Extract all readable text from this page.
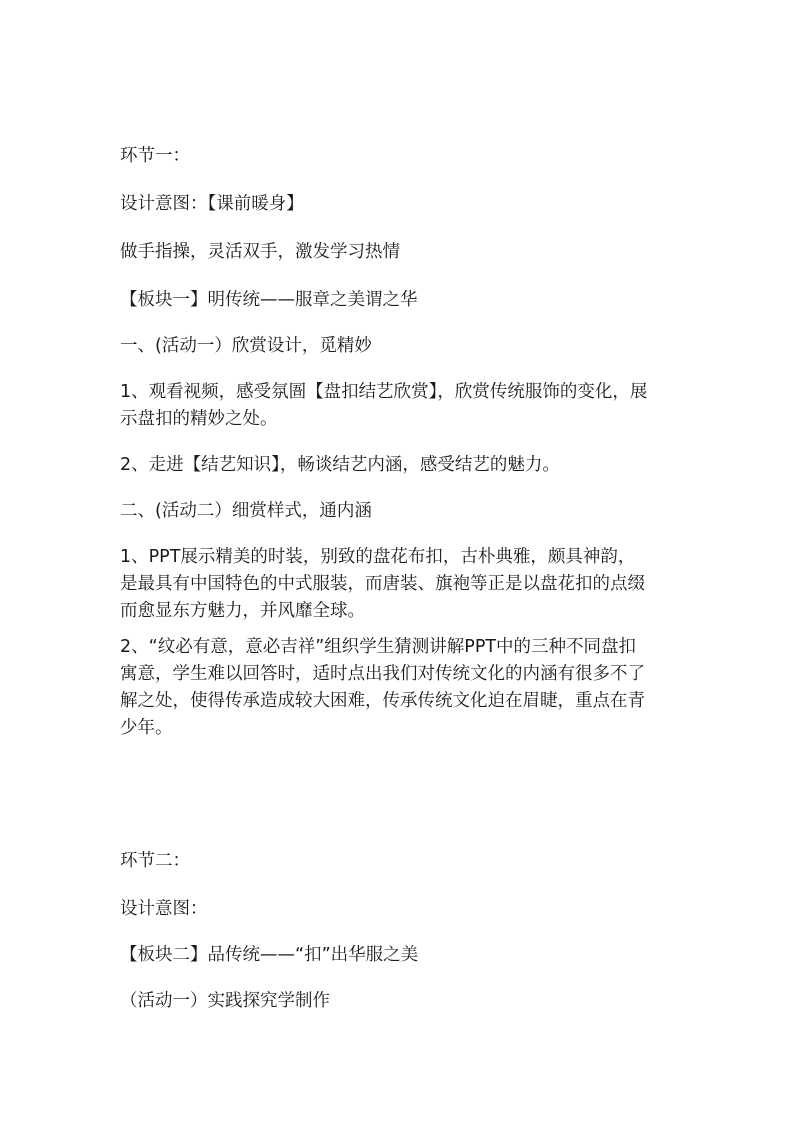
环节一：

设计意图：【课前暖身】

做手指操，灵活双手，激发学习热情

【板块一】明传统——服章之美谓之华

一、(活动一）欣赏设计，觅精妙

1、观看视频，感受氛圄【盘扣结艺欣赏】，欣赏传统服饰的变化，展
示盘扣的精妙之处。

2、走进【结艺知识】，畅谈结艺内涵，感受结艺的魅力。

二、(活动二）细赏样式，通内涵

1、PPT展示精美的时装，别致的盘花布扣，古朴典雅，颇具神韵，
是最具有中国特色的中式服装，而唐装、旗袍等正是以盘花扣的点缀
而愈显东方魅力，并风靡全球。
2、“纹必有意，意必吉祥”组织学生猜测讲解PPT中的三种不同盘扣
寓意，学生难以回答时，适时点出我们对传统文化的内涵有很多不了
解之处，使得传承造成较大困难，传承传统文化迫在眉睫，重点在青
少年。

环节二：

设计意图：

【板块二】品传统——“扣”出华服之美

（活动一）实践探究学制作
